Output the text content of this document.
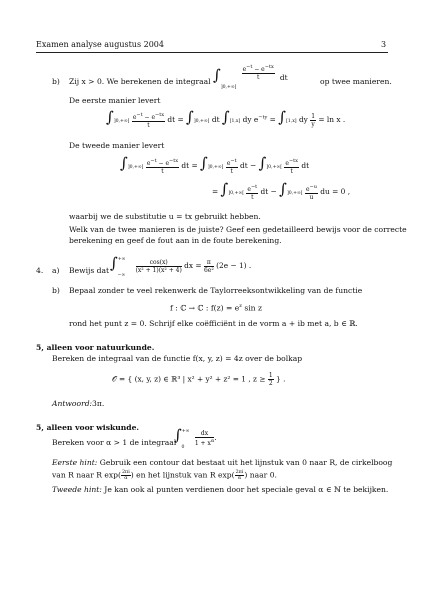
Examen analyse augustus 2004	3
b) Zij x > 0. We berekenen de integraal $\int_{]0,+\infty[}$
$\frac{e^{-t} - e^{-tx}}{t}$ dt	op twee manieren.
De eerste manier levert
$\int]0,+\infty[ \frac{e^{-t} - e^{-tx}}{t}$ dt = ∫]0,+∞[ dt ∫[1,x] dy $e^{-ty} = \int[1,x]$ dy $\frac{1}{y} = \ln x$ .
De tweede manier levert
$\int]0,+\infty[ \frac{e^{-t} - e^{-tx}}{t}$ dt = $\int]0,+\infty[ \frac{e^{-t}}{t}$ dt − $\int]0,+\infty[ \frac{e^{-tx}}{t}$ dt
= $\int]0,+\infty[ \frac{e^{-t}}{t}$ dt − $\int]0,+\infty[ \frac{e^{-u}}{u}$ du = 0 ,
waarbij we de substitutie u = tx gebruikt hebben.
Welk van de twee manieren is de juiste? Geef een gedetailleerd bewijs voor de correcte
berekening en geef de fout aan in de foute berekening.
4. a) Bewijs dat $\int^{+\infty}_{-\infty}$
$\frac{\cos(x)}{\text{(x² + 1)(x² + 4)}}$ dx = $\frac{\pi}{\text{6e²}} (2e - 1)$ .
b) Bepaal zonder te veel rekenwerk de Taylorreeksontwikkeling van de functie
f : ℂ → ℂ : $f(z) = e^z$ sin z
rond het punt z = 0. Schrijf elke coëfficiënt in de vorm a + ib met a, b ∈ ℝ.
5, alleen voor natuurkunde.
Bereken de integraal van de functie f(x, y, z) = 4z over de bolkap
𝒪 = { (x, y, z) ∈ ℝ³ | x² + y² + z² = 1 , $z \ge \frac{1}{2}$ } .
Antwoord: 3π.
5, alleen voor wiskunde.
Bereken voor α > 1 de integraal
$\int^{+\infty}_0$
$\frac{dx}{1 + x^\alpha}$ .
Eerste hint: Gebruik een contour dat bestaat uit het lijnstuk van 0 naar R, de cirkelboog
van R naar R $\exp( \frac{2\pi i}{\alpha}$ ) en het lijnstuk van R $\exp( \frac{2\pi i}{\alpha}$ ) naar 0.
Tweede hint: Je kan ook al punten verdienen door het speciale geval α ∈ ℕ te bekijken.
